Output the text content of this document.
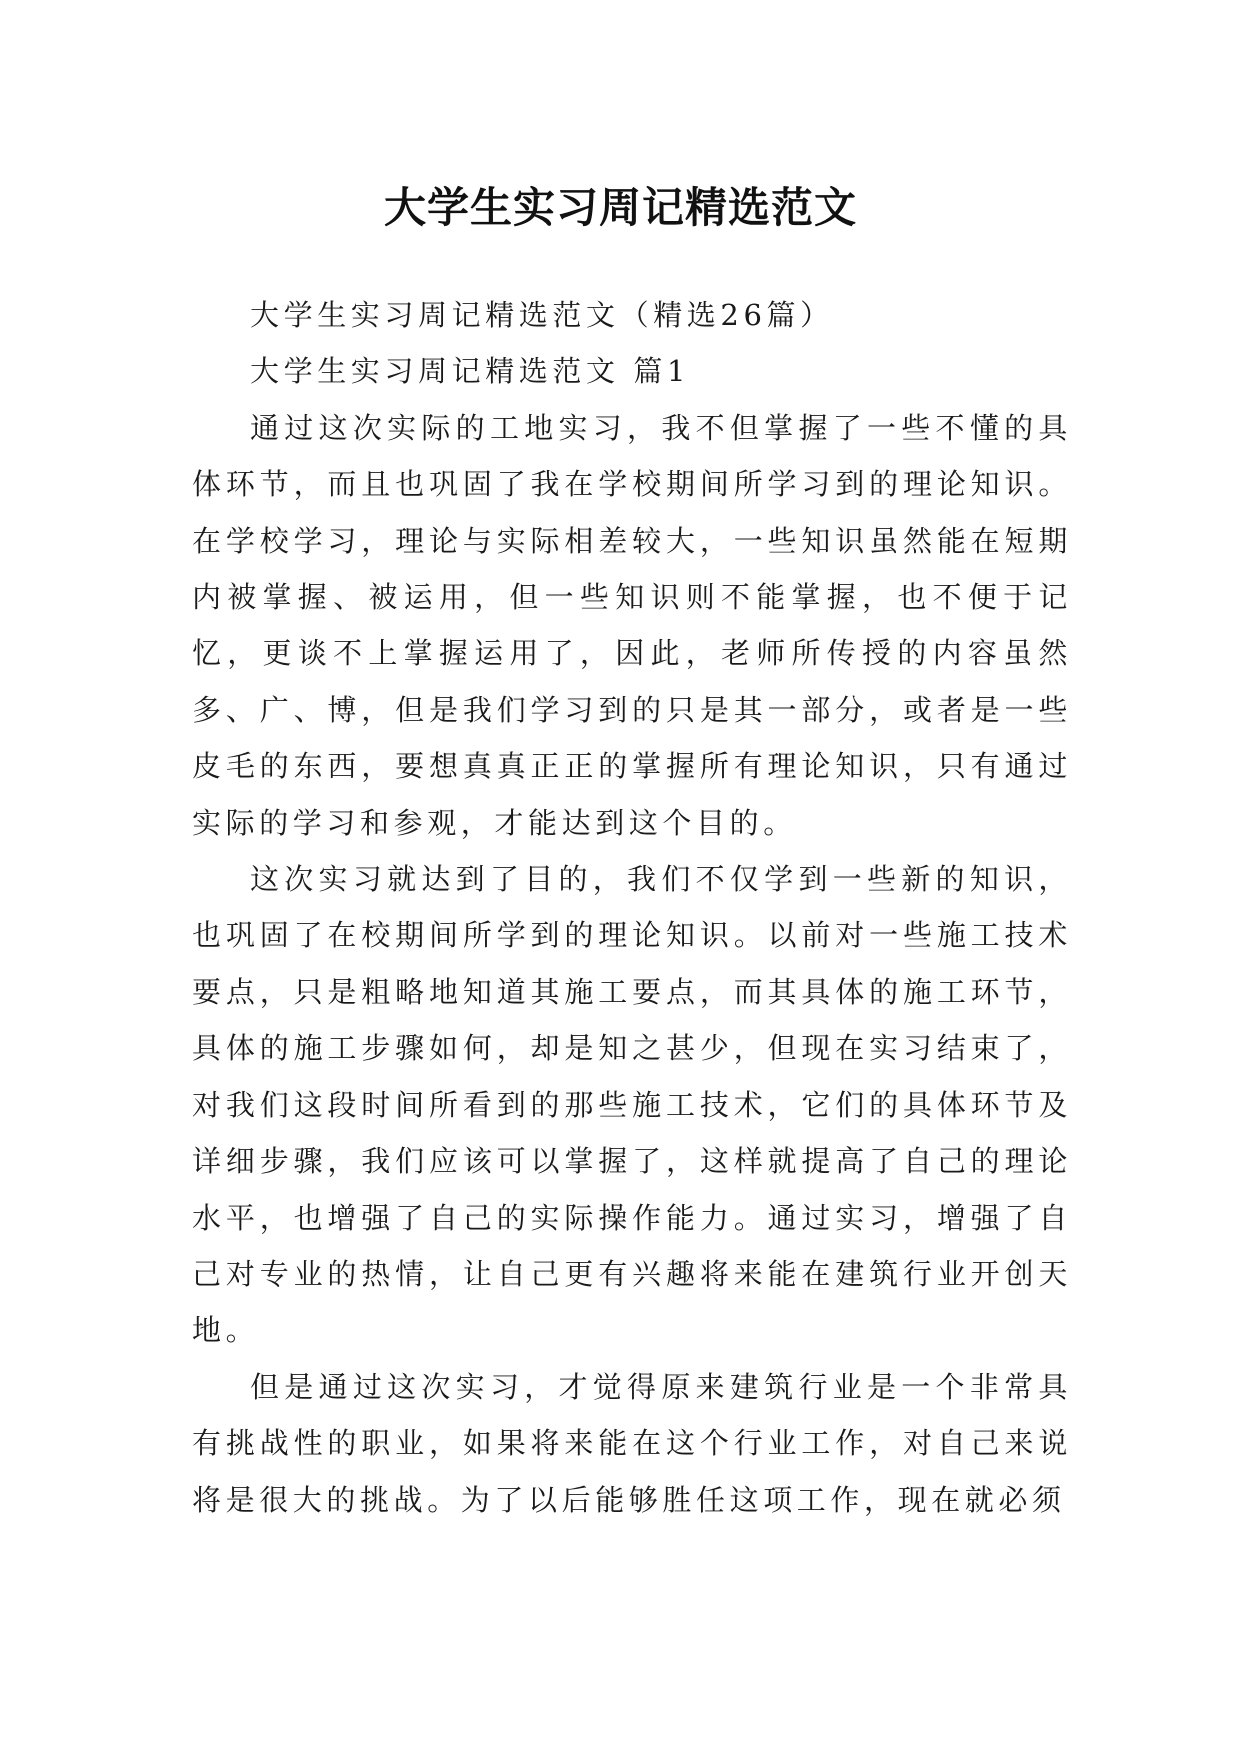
大学生实习周记精选范文

大学生实习周记精选范文（精选26篇）

大学生实习周记精选范文 篇1

通过这次实际的工地实习，我不但掌握了一些不懂的具体环节，而且也巩固了我在学校期间所学习到的理论知识。在学校学习，理论与实际相差较大，一些知识虽然能在短期内被掌握、被运用，但一些知识则不能掌握，也不便于记忆，更谈不上掌握运用了，因此，老师所传授的内容虽然多、广、博，但是我们学习到的只是其一部分，或者是一些皮毛的东西，要想真真正正的掌握所有理论知识，只有通过实际的学习和参观，才能达到这个目的。

这次实习就达到了目的，我们不仅学到一些新的知识，也巩固了在校期间所学到的理论知识。以前对一些施工技术要点，只是粗略地知道其施工要点，而其具体的施工环节，具体的施工步骤如何，却是知之甚少，但现在实习结束了，对我们这段时间所看到的那些施工技术，它们的具体环节及详细步骤，我们应该可以掌握了，这样就提高了自己的理论水平，也增强了自己的实际操作能力。通过实习，增强了自己对专业的热情，让自己更有兴趣将来能在建筑行业开创天地。

但是通过这次实习，才觉得原来建筑行业是一个非常具有挑战性的职业，如果将来能在这个行业工作，对自己来说将是很大的挑战。为了以后能够胜任这项工作，现在就必须
